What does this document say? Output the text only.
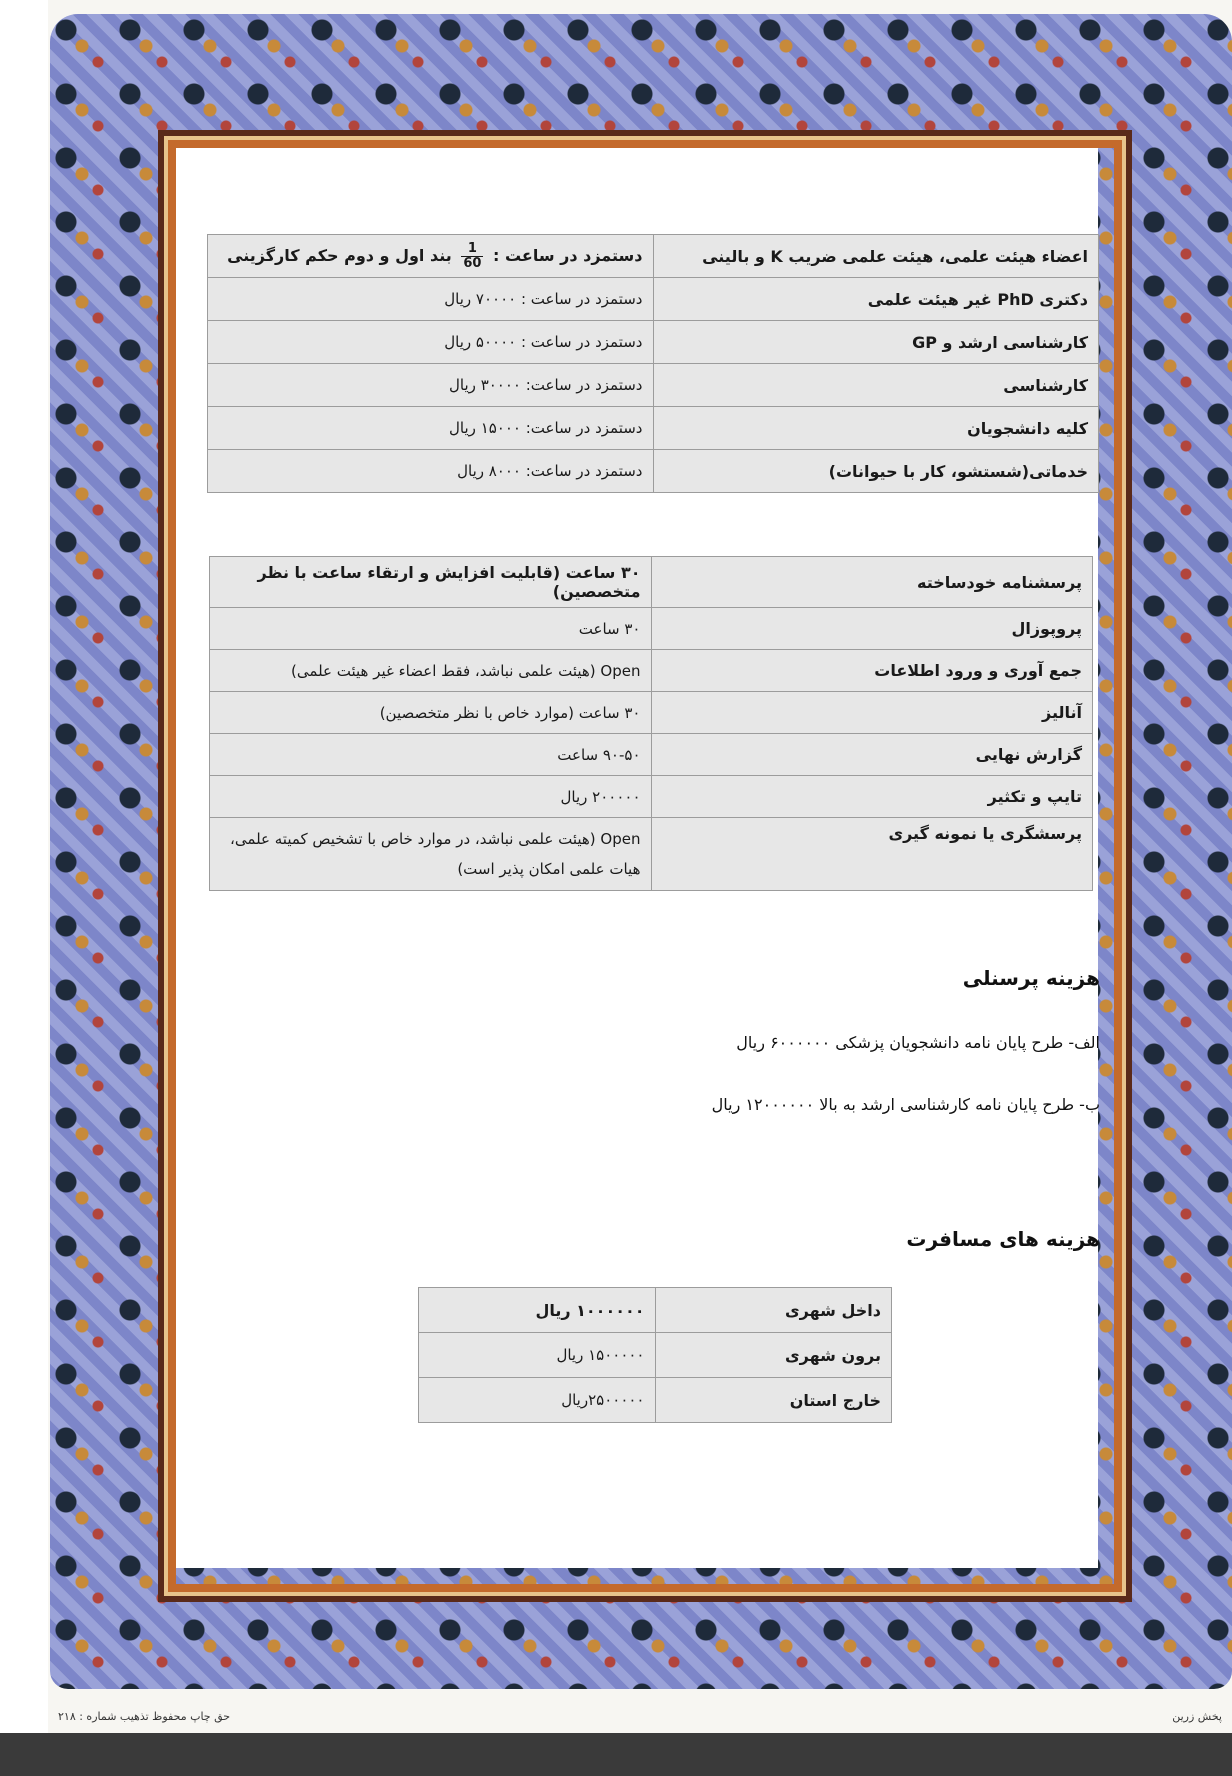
اعضاء هیئت علمی، هیئت علمی ضریب K و بالینی	دستمزد در ساعت :
$\frac{1}{60}$
بند اول و دوم حکم کارگزینی
دکتری PhD غیر هیئت علمی	دستمزد در ساعت : ۷۰۰۰۰ ریال
کارشناسی ارشد و GP	دستمزد در ساعت : ۵۰۰۰۰ ریال
کارشناسی	دستمزد در ساعت: ۳۰۰۰۰ ریال
کلیه دانشجویان	دستمزد در ساعت: ۱۵۰۰۰ ریال
خدماتی(شستشو، کار با حیوانات)	دستمزد در ساعت: ۸۰۰۰ ریال
پرسشنامه خودساخته	۳۰ ساعت (قابلیت افزایش و ارتقاء ساعت با نظر متخصصین)
پروپوزال	۳۰ ساعت
جمع آوری و ورود اطلاعات	Open (هیئت علمی نباشد، فقط اعضاء غیر هیئت علمی)
آنالیز	۳۰ ساعت (موارد خاص با نظر متخصصین)
گزارش نهایی	۹۰-۵۰ ساعت
تایپ و تکثیر	۲۰۰۰۰۰ ریال
پرسشگری یا نمونه گیری	Open (هیئت علمی نباشد، در موارد خاص با تشخیص کمیته علمی، هیات علمی امکان پذیر است)
هزینه پرسنلی
الف- طرح پایان نامه دانشجویان پزشکی ۶۰۰۰۰۰۰ ریال
ب- طرح پایان نامه کارشناسی ارشد به بالا ۱۲۰۰۰۰۰۰ ریال
هزینه های مسافرت
داخل شهری	۱۰۰۰۰۰۰ ریال
برون شهری	۱۵۰۰۰۰۰ ریال
خارج استان	۲۵۰۰۰۰۰ریال
حق چاپ محفوظ تذهیب شماره : ۲۱۸	پخش زرین
